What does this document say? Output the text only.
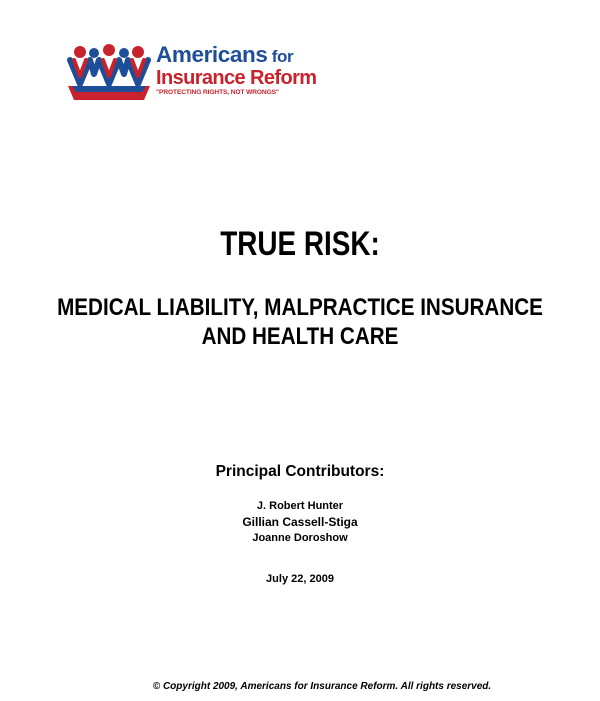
Americans for
Insurance Reform
"PROTECTING RIGHTS, NOT WRONGS"
TRUE RISK:
MEDICAL LIABILITY, MALPRACTICE INSURANCE
AND HEALTH CARE
Principal Contributors:
J. Robert Hunter
Gillian Cassell-Stiga
Joanne Doroshow
July 22, 2009
© Copyright 2009, Americans for Insurance Reform. All rights reserved.
